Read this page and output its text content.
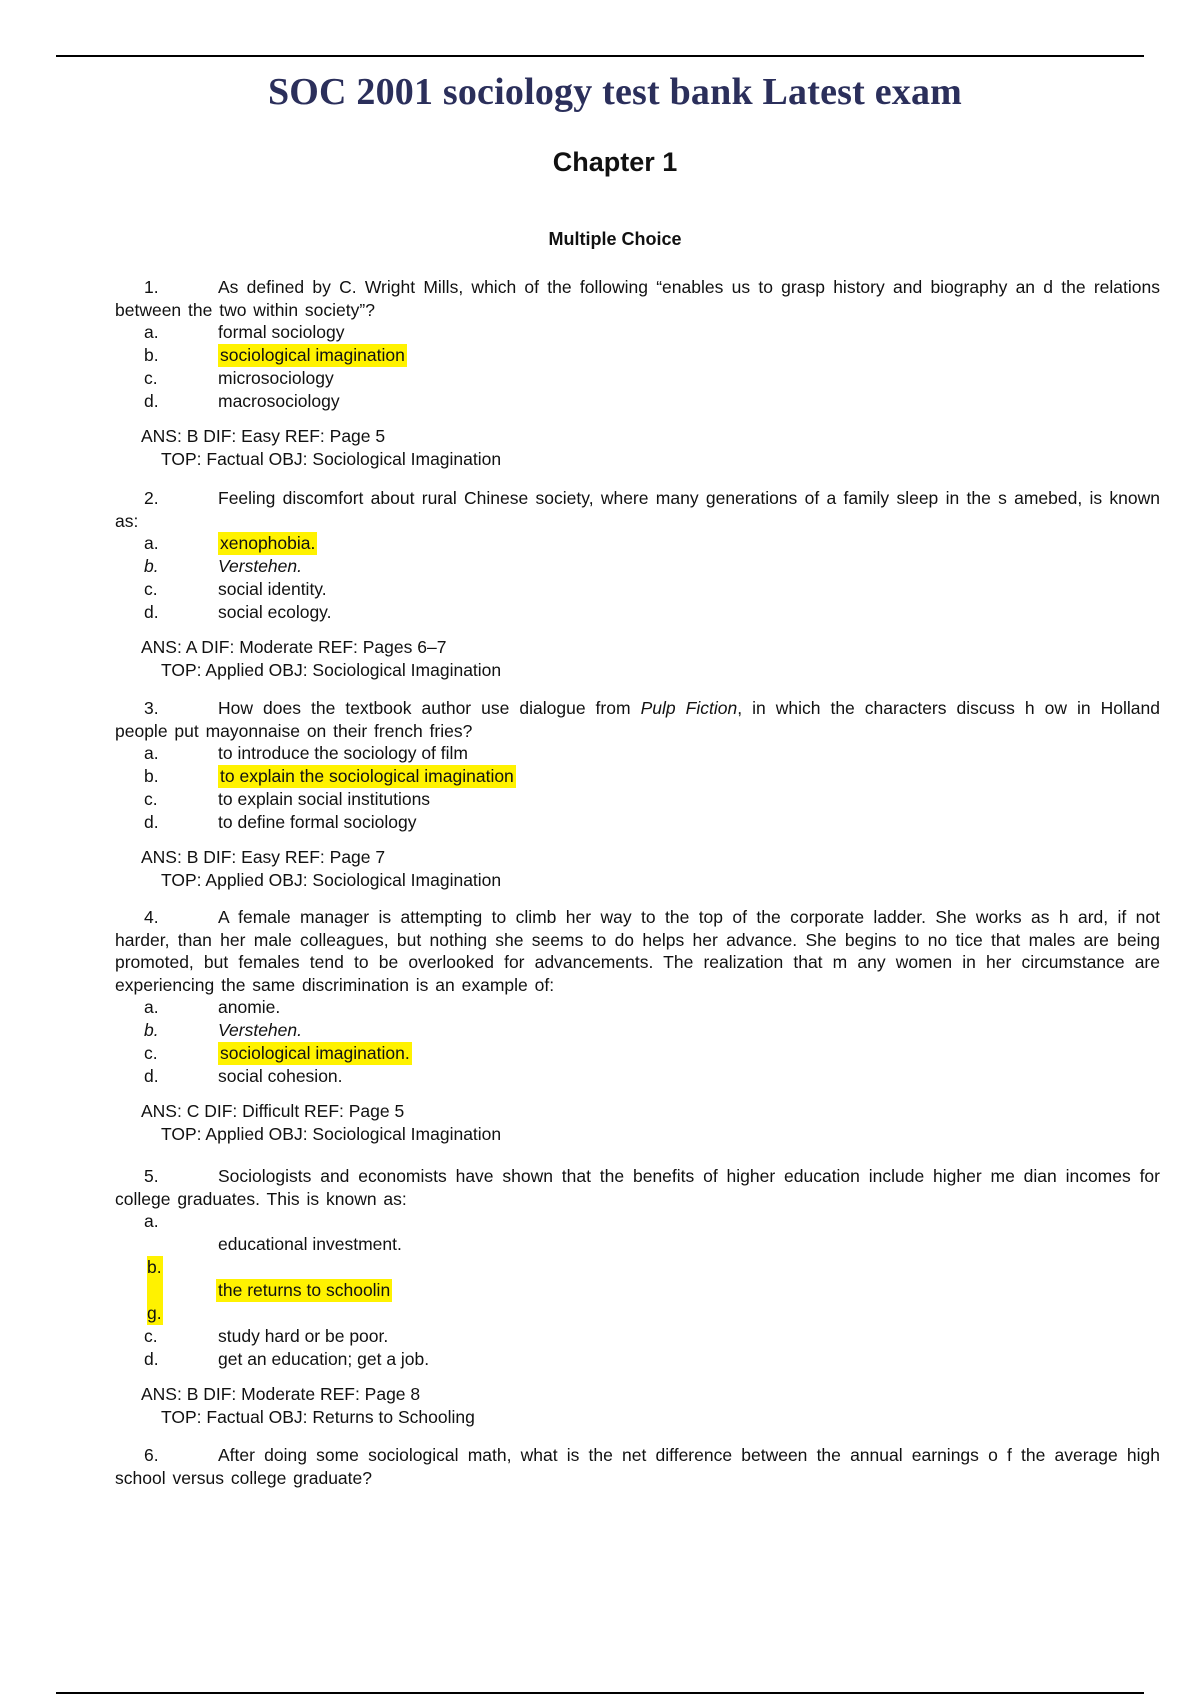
SOC 2001 sociology test bank Latest exam
Chapter 1
Multiple Choice
1.	As defined by C. Wright Mills, which of the following “enables us to grasp history and biography an d the relations between the two within society”?
a.	formal sociology
b.	sociological imagination
c.	microsociology
d.	macrosociology
ANS: B DIF: Easy REF: Page 5
TOP: Factual OBJ: Sociological Imagination
2.	Feeling discomfort about rural Chinese society, where many generations of a family sleep in the s amebed, is known as:
a.	xenophobia.
b.	Verstehen.
c.	social identity.
d.	social ecology.
ANS: A DIF: Moderate REF: Pages 6–7
TOP: Applied OBJ: Sociological Imagination
3.	How does the textbook author use dialogue from Pulp Fiction, in which the characters discuss h ow in Holland people put mayonnaise on their french fries?
a.	to introduce the sociology of film
b.	to explain the sociological imagination
c.	to explain social institutions
d.	to define formal sociology
ANS: B DIF: Easy REF: Page 7
TOP: Applied OBJ: Sociological Imagination
4.	A female manager is attempting to climb her way to the top of the corporate ladder. She works as h ard, if not harder, than her male colleagues, but nothing she seems to do helps her advance. She begins to no tice that males are being promoted, but females tend to be overlooked for advancements. The realization that m any women in her circumstance are experiencing the same discrimination is an example of:
a.	anomie.
b.	Verstehen.
c.	sociological imagination.
d.	social cohesion.
ANS: C DIF: Difficult REF: Page 5
TOP: Applied OBJ: Sociological Imagination
5.	Sociologists and economists have shown that the benefits of higher education include higher me dian incomes for college graduates. This is known as:
a.
educational investment.
b.
the returns to schoolin
g.
c.	study hard or be poor.
d.	get an education; get a job.
ANS: B DIF: Moderate REF: Page 8
TOP: Factual OBJ: Returns to Schooling
6.	After doing some sociological math, what is the net difference between the annual earnings o f the average high school versus college graduate?
